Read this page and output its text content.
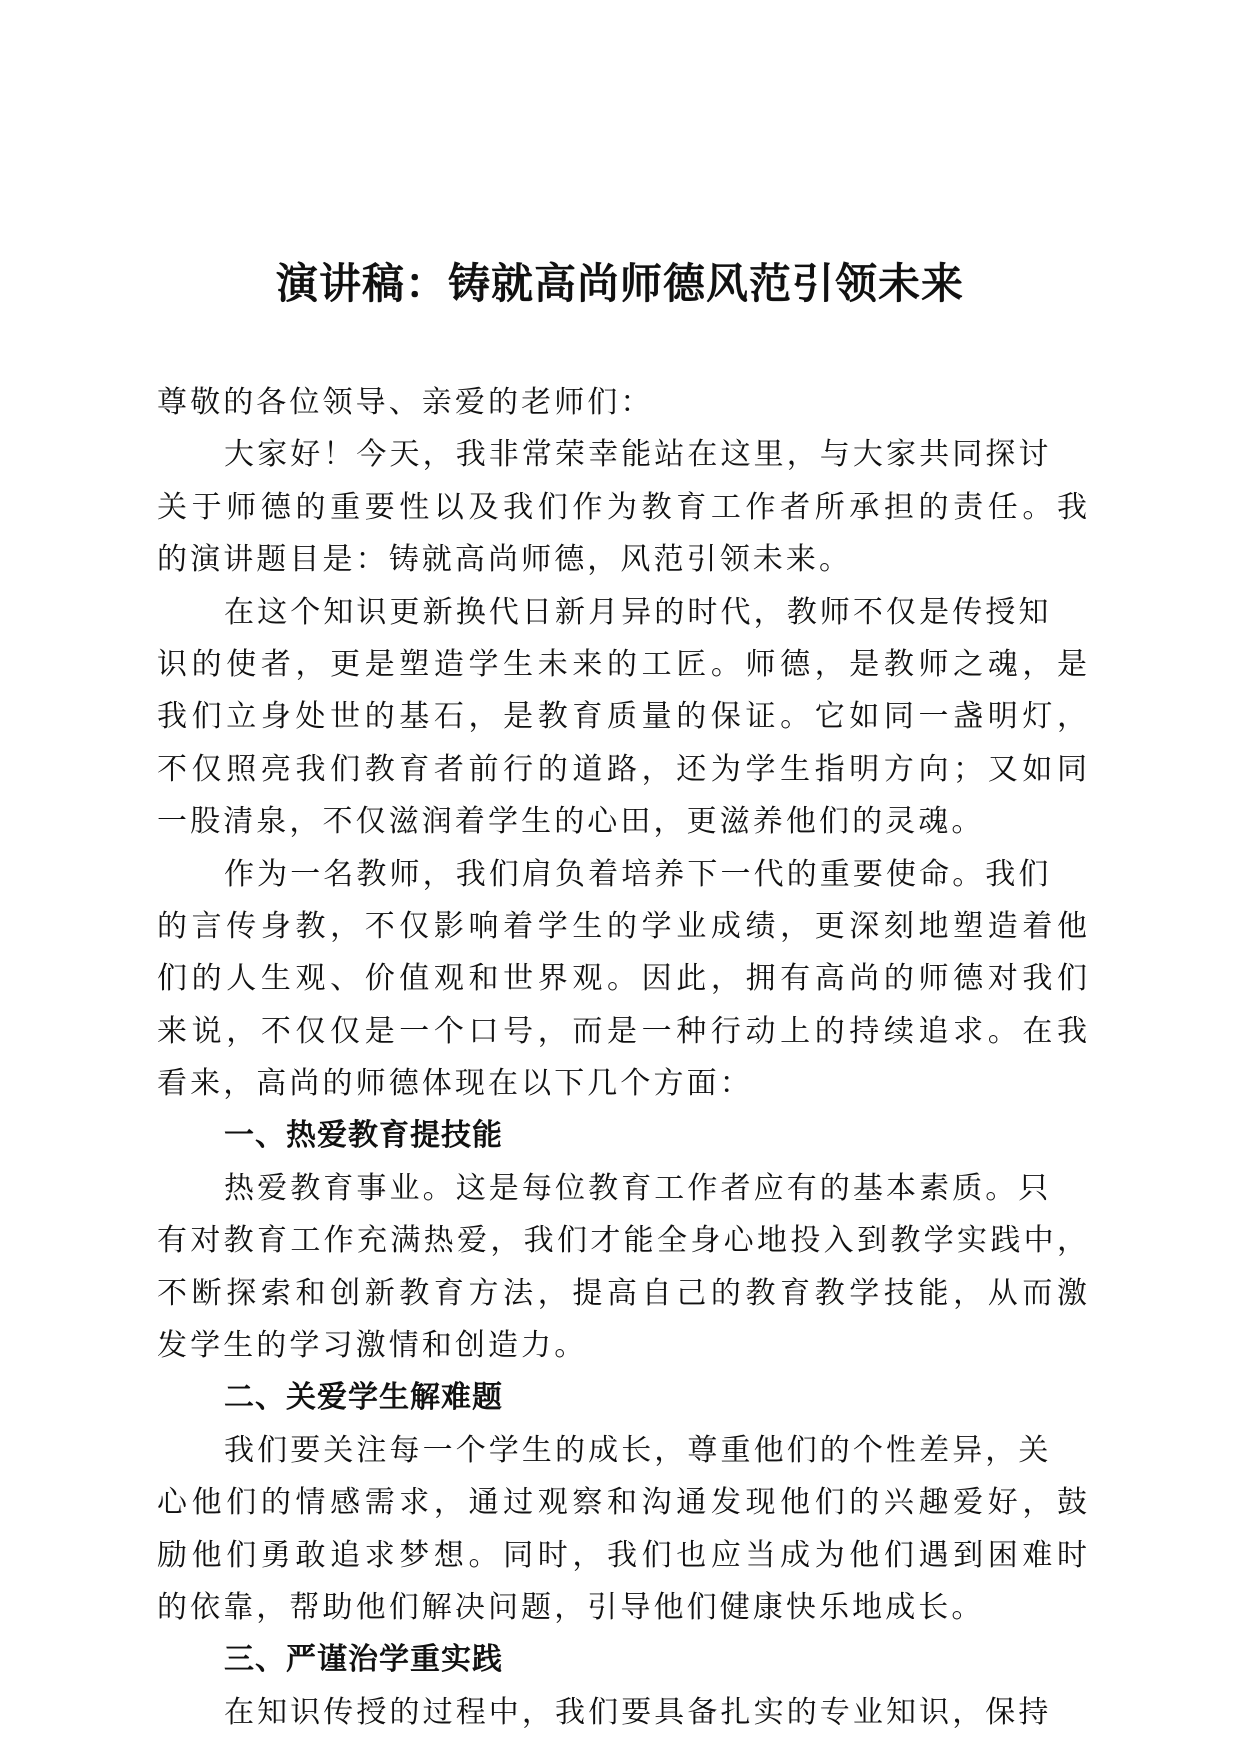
演讲稿：铸就高尚师德风范引领未来
尊敬的各位领导、亲爱的老师们：
大家好！今天，我非常荣幸能站在这里，与大家共同探讨
关于师德的重要性以及我们作为教育工作者所承担的责任。我
的演讲题目是：铸就高尚师德，风范引领未来。
在这个知识更新换代日新月异的时代，教师不仅是传授知
识的使者，更是塑造学生未来的工匠。师德，是教师之魂，是
我们立身处世的基石，是教育质量的保证。它如同一盏明灯，
不仅照亮我们教育者前行的道路，还为学生指明方向；又如同
一股清泉，不仅滋润着学生的心田，更滋养他们的灵魂。
作为一名教师，我们肩负着培养下一代的重要使命。我们
的言传身教，不仅影响着学生的学业成绩，更深刻地塑造着他
们的人生观、价值观和世界观。因此，拥有高尚的师德对我们
来说，不仅仅是一个口号，而是一种行动上的持续追求。在我
看来，高尚的师德体现在以下几个方面：
一、热爱教育提技能
热爱教育事业。这是每位教育工作者应有的基本素质。只
有对教育工作充满热爱，我们才能全身心地投入到教学实践中，
不断探索和创新教育方法，提高自己的教育教学技能，从而激
发学生的学习激情和创造力。
二、关爱学生解难题
我们要关注每一个学生的成长，尊重他们的个性差异，关
心他们的情感需求，通过观察和沟通发现他们的兴趣爱好，鼓
励他们勇敢追求梦想。同时，我们也应当成为他们遇到困难时
的依靠，帮助他们解决问题，引导他们健康快乐地成长。
三、严谨治学重实践
在知识传授的过程中，我们要具备扎实的专业知识，保持
